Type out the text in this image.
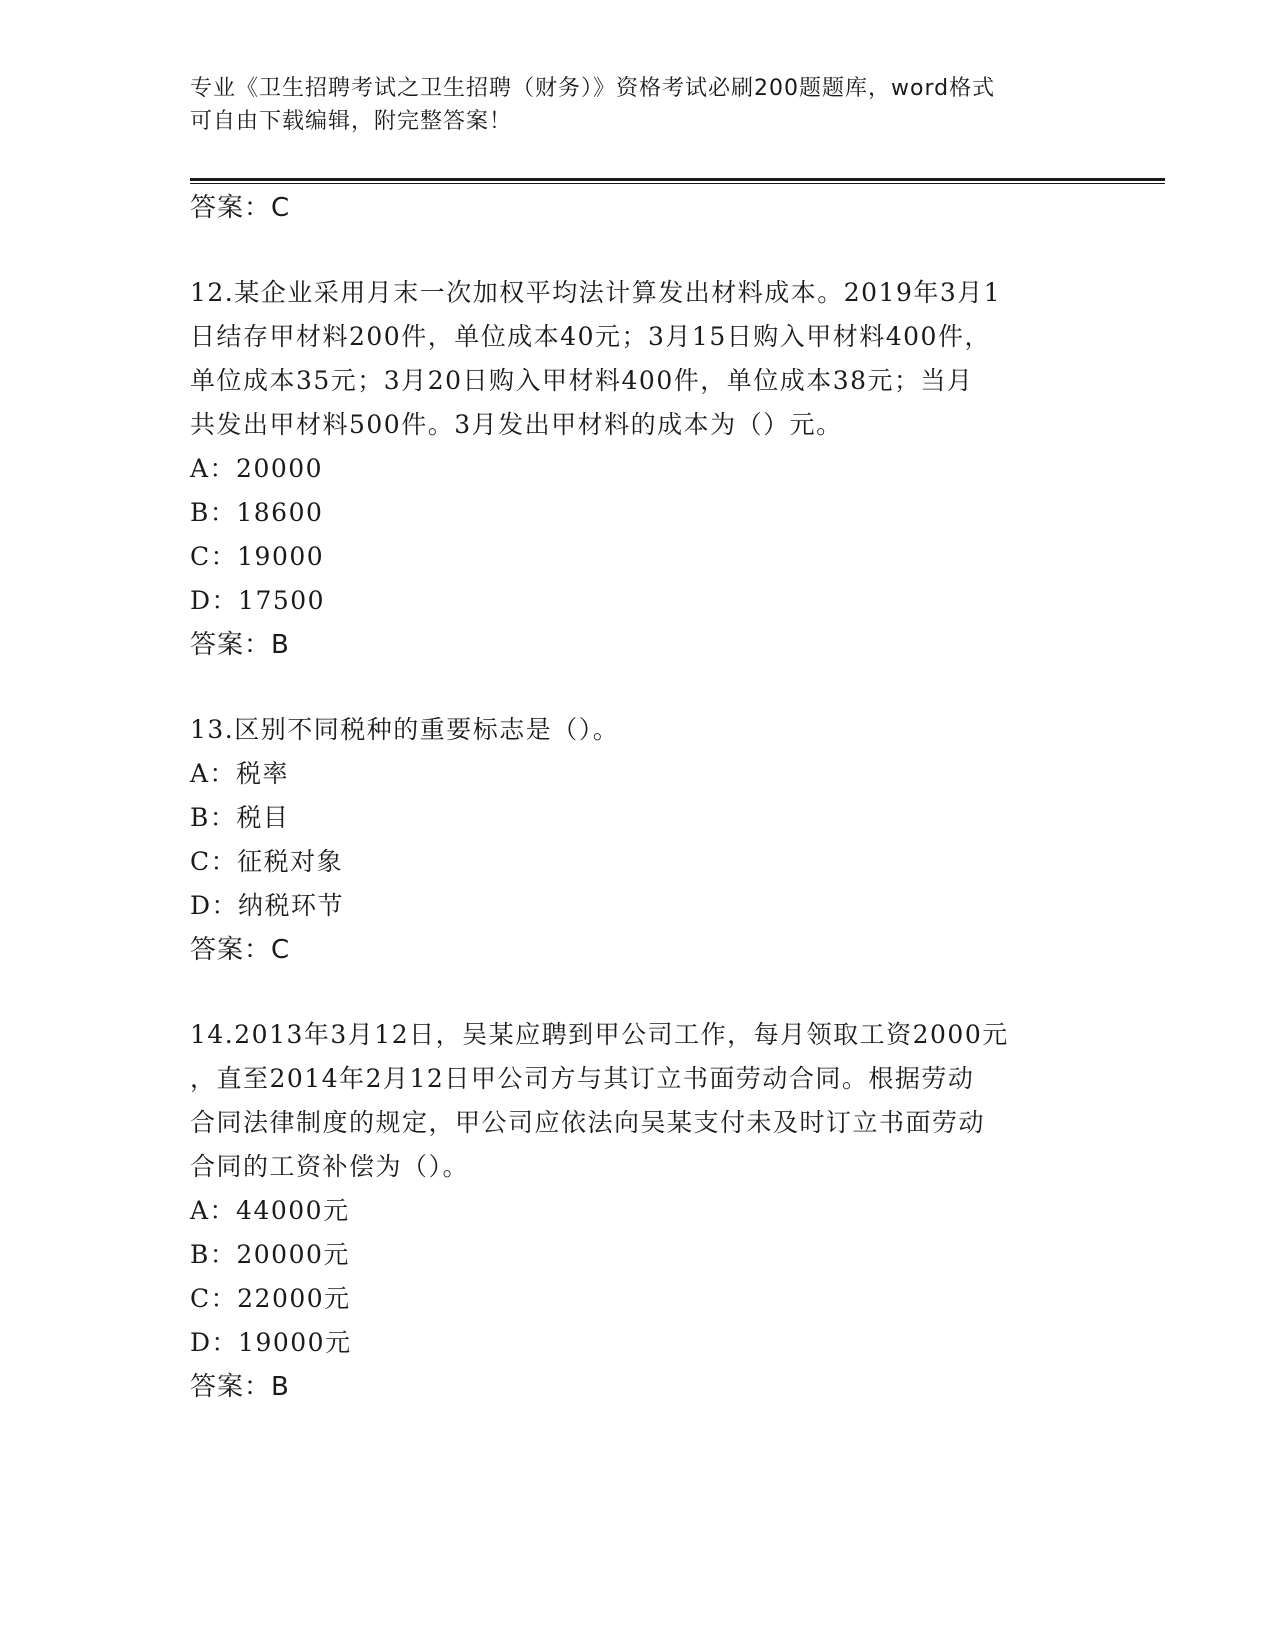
专业《卫生招聘考试之卫生招聘（财务）》资格考试必刷200题题库，word格式
可自由下载编辑，附完整答案！
答案：C
12.某企业采用月末一次加权平均法计算发出材料成本。2019年3月1
日结存甲材料200件，单位成本40元；3月15日购入甲材料400件，
单位成本35元；3月20日购入甲材料400件，单位成本38元；当月
共发出甲材料500件。3月发出甲材料的成本为（）元。
A：20000
B：18600
C：19000
D：17500
答案：B
13.区别不同税种的重要标志是（）。
A：税率
B：税目
C：征税对象
D：纳税环节
答案：C
14.2013年3月12日，吴某应聘到甲公司工作，每月领取工资2000元
，直至2014年2月12日甲公司方与其订立书面劳动合同。根据劳动
合同法律制度的规定，甲公司应依法向吴某支付未及时订立书面劳动
合同的工资补偿为（）。
A：44000元
B：20000元
C：22000元
D：19000元
答案：B
